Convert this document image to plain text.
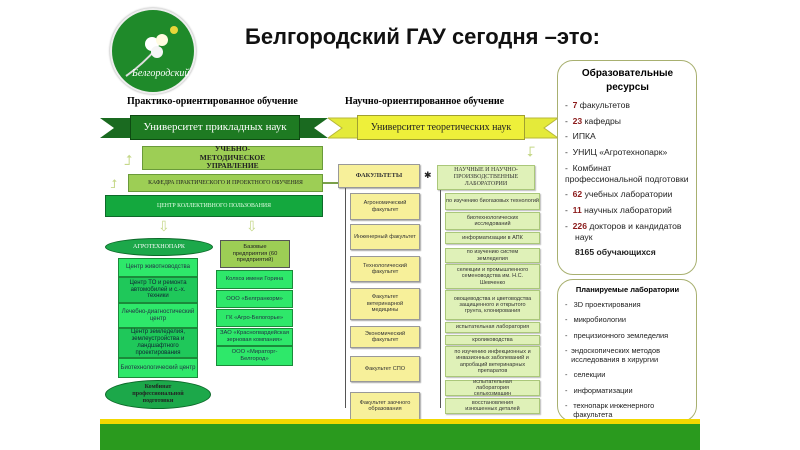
Белгородский
Белгородский ГАУ сегодня –это:
Практико-ориентированное обучение
Университет прикладных наук
УЧЕБНО-МЕТОДИЧЕСКОЕ УПРАВЛЕНИЕ
КАФЕДРА ПРАКТИЧЕСКОГО И ПРОЕКТНОГО ОБУЧЕНИЯ
ЦЕНТР КОЛЛЕКТИВНОГО ПОЛЬЗОВАНИЯ
⮥
⮥
⇩	⇩
АГРОТЕХНОПАРК
Центр животноводства
Центр ТО и ремонта автомобилей и с.-х. техники
Лечебно-диагностический центр
Центр земледелия, землеустройства и ландшафтного проектирования
Биотехнологический центр
Комбинат профессиональной подготовки
Базовые предприятия (60 предприятий)
Колхоз имени Горина
ООО «Белгранкорм»
ГК «Агро-Белогорье»
ЗАО «Красногвардейская зерновая компания»
ООО «Мираторг-Белгород»
Научно-ориентированное обучение
Университет теоретических наук
⮦
ФАКУЛЬТЕТЫ	✱	НАУЧНЫЕ И НАУЧНО-ПРОИЗВОДСТВЕННЫЕ ЛАБОРАТОРИИ
Агрономический факультет
Инженерный факультет
Технологический факультет
Факультет ветеринарной медицины
Экономический факультет
Факультет СПО
Факультет заочного образования
по изучению биогазовых технологий
биотехнологических исследований
информатизации в АПК
по изучению систем земледелия
селекции и промышленного семеноводства им. Н.С. Шевченко
овощеводства и цветоводства защищенного и открытого грунта, клонирования
испытательная лаборатория
кролиководства
по изучению инфекционных и инвазионных заболеваний и апробаций ветеринарных препаратов
испытательная лаборатория сельхозмашин
восстановления изношенных деталей
Образовательные ресурсы
-  7 факультетов
-  23 кафедры
-  ИПКА
-  УНИЦ «Агротехнопарк»
-  Комбинат профессиональной подготовки
-  62 учебных лаборатории
-  11 научных лабораторий
-  226 докторов и кандидатов наук
8165 обучающихся
Планируемые лаборатории
- 3D проектирования
- микробиологии
- прецизионного земледелия
-
эндоскопических методов исследования в хирургии
- селекции
- информатизации
-
технопарк инженерного факультета
